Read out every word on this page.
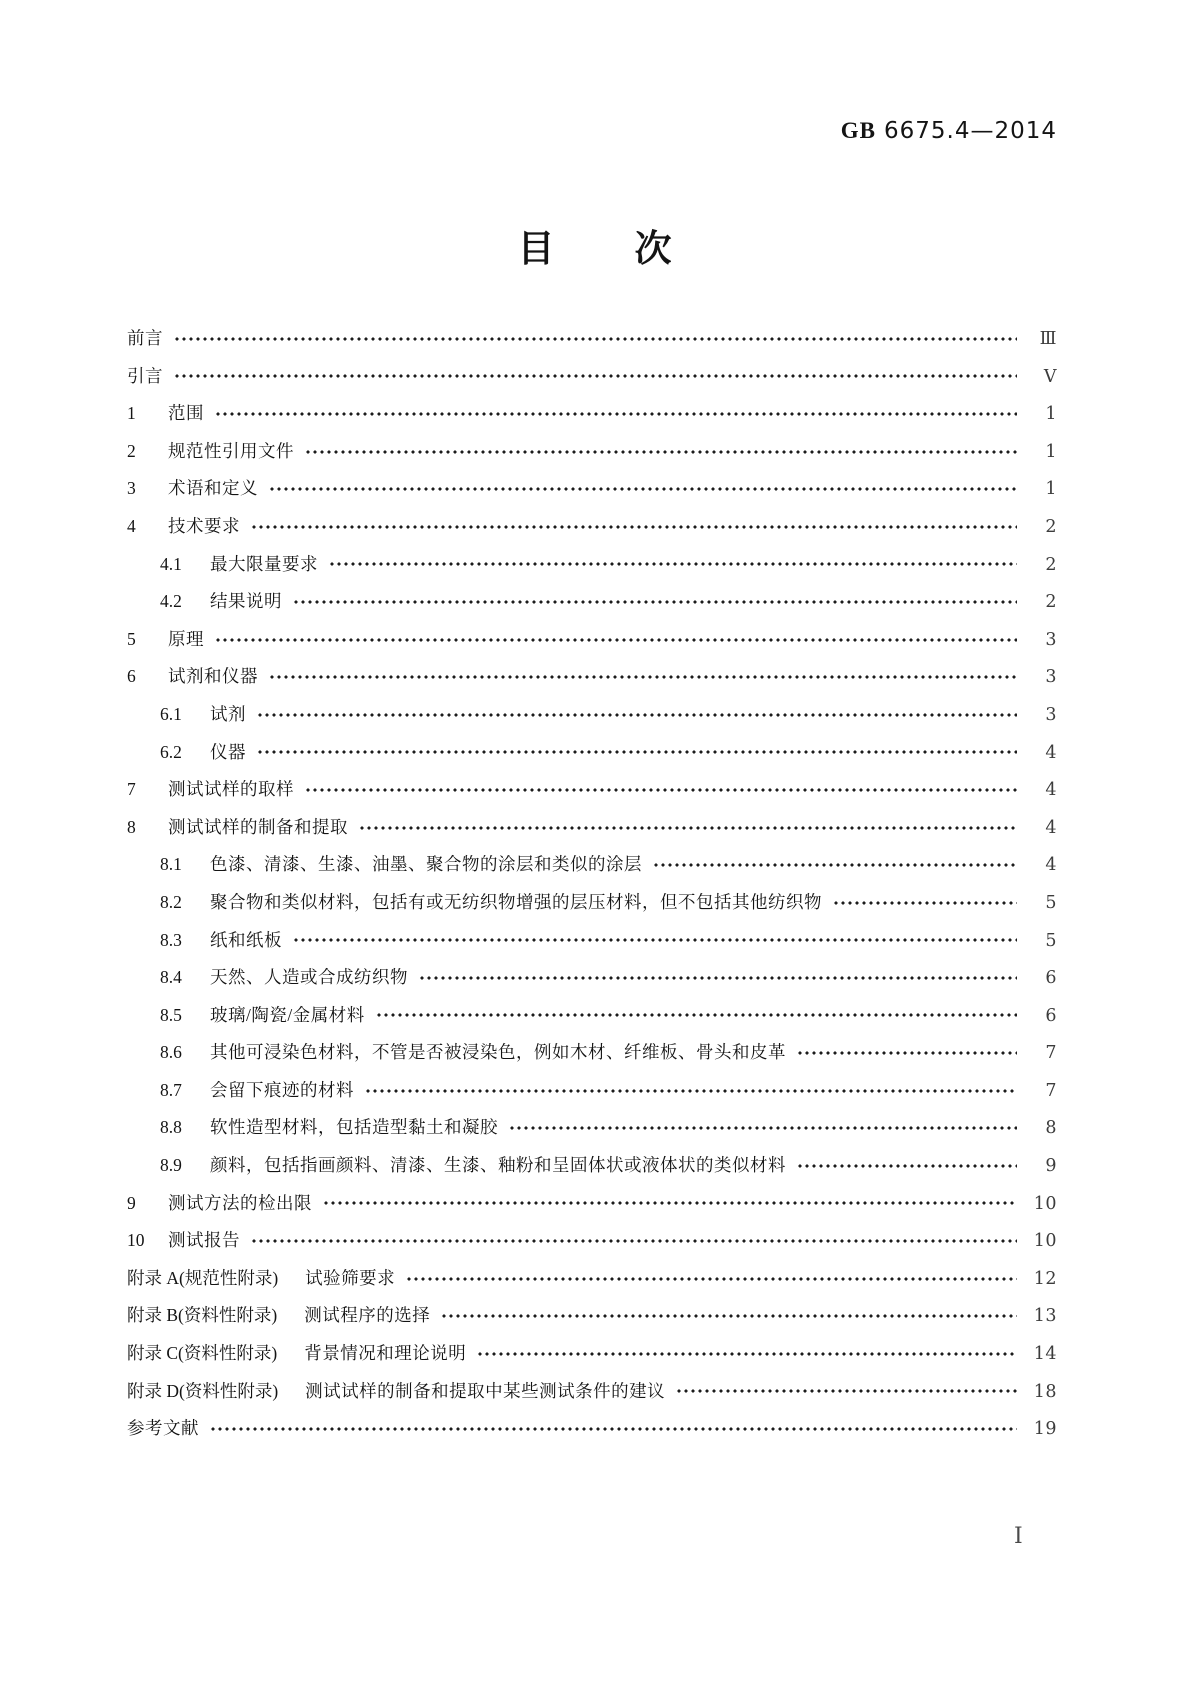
GB 6675.4—2014
目　　次
前言	Ⅲ
引言	Ⅴ
1	范围	1
2	规范性引用文件	1
3	术语和定义	1
4	技术要求	2
4.1	最大限量要求	2
4.2	结果说明	2
5	原理	3
6	试剂和仪器	3
6.1	试剂	3
6.2	仪器	4
7	测试试样的取样	4
8	测试试样的制备和提取	4
8.1	色漆、清漆、生漆、油墨、聚合物的涂层和类似的涂层	4
8.2	聚合物和类似材料，包括有或无纺织物增强的层压材料，但不包括其他纺织物	5
8.3	纸和纸板	5
8.4	天然、人造或合成纺织物	6
8.5	玻璃/陶瓷/金属材料	6
8.6	其他可浸染色材料，不管是否被浸染色，例如木材、纤维板、骨头和皮革	7
8.7	会留下痕迹的材料	7
8.8	软性造型材料，包括造型黏土和凝胶	8
8.9	颜料，包括指画颜料、清漆、生漆、釉粉和呈固体状或液体状的类似材料	9
9	测试方法的检出限	10
10	测试报告	10
附录 A(规范性附录) 试验筛要求	12
附录 B(资料性附录) 测试程序的选择	13
附录 C(资料性附录) 背景情况和理论说明	14
附录 D(资料性附录) 测试试样的制备和提取中某些测试条件的建议	18
参考文献	19
I
